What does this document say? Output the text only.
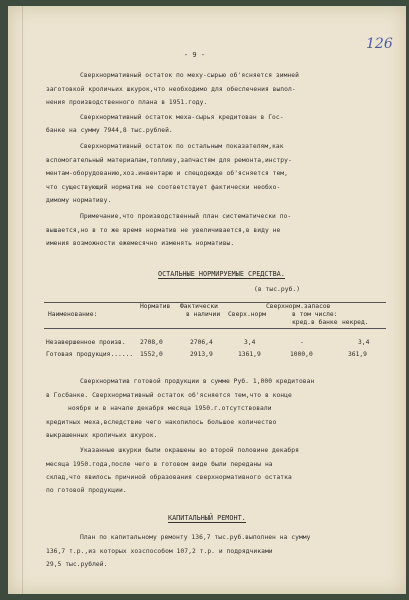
- 9 -
126
Сверхнормативный остаток по меху-сырью об'ясняется зимней
заготовкой кроличьих шкурок,что необходимо для обеспечения выпол-
нения производственного плана в 1951.году.
Сверхнормативный остаток меха-сырья кредитован в Гос-
банке на сумму 7944,8 тыс.рублей.
Сверхнормативный остаток по остальным показателям,как
вспомогательный материалам,топливу,запчастям для ремонта,инстру-
ментам-оборудованию,хоз.инвентарю и спецодежде об'ясняется тем,
что существующий норматив не соответствует фактически необхо-
димому нормативу.
Примечание,что производственный план систематически по-
вышается,но в то же время норматив не увеличивается,в виду не
имения возможности ежемесячно изменять нормативы.
ОСТАЛЬНЫЕ НОРМИРУЕМЫЕ СРЕДСТВА.
(в тыс.руб.)
Норматив Фактически	Сверхнорм.запасов
Наименование:	в наличии Сверх.норм	в том числе:
кред.в банке некред.
Незавершенное произв. 2708,0	2706,4	3,4	-	3,4
Готовая продукция...... 1552,0	2913,9	1361,9	1000,0	361,9
Сверхнорматив готовой продукции в сумме Руб. 1,000 кредитован
в Госбанке. Сверхнормативный остаток об'ясняется тем,что в конце
ноября и в начале декабря месяца 1950.г.отсутствовали
кредитных меха,вследствие чего накопилось большое количество
выкрашенных кроличьих шкурок.
Указанные шкурки были окрашены во второй половине декабря
месяца 1950.года,после чего в готовом виде были переданы на
склад,что явилось причиной образования сверхнормативного остатка
по готовой продукции.
КАПИТАЛЬНЫЙ РЕМОНТ.
План по капитальному ремонту 136,7 тыс.руб.выполнен на сумму
136,7 т.р.,из которых хозспособом 107,2 т.р. и подрядчиками
29,5 тыс.рублей.
